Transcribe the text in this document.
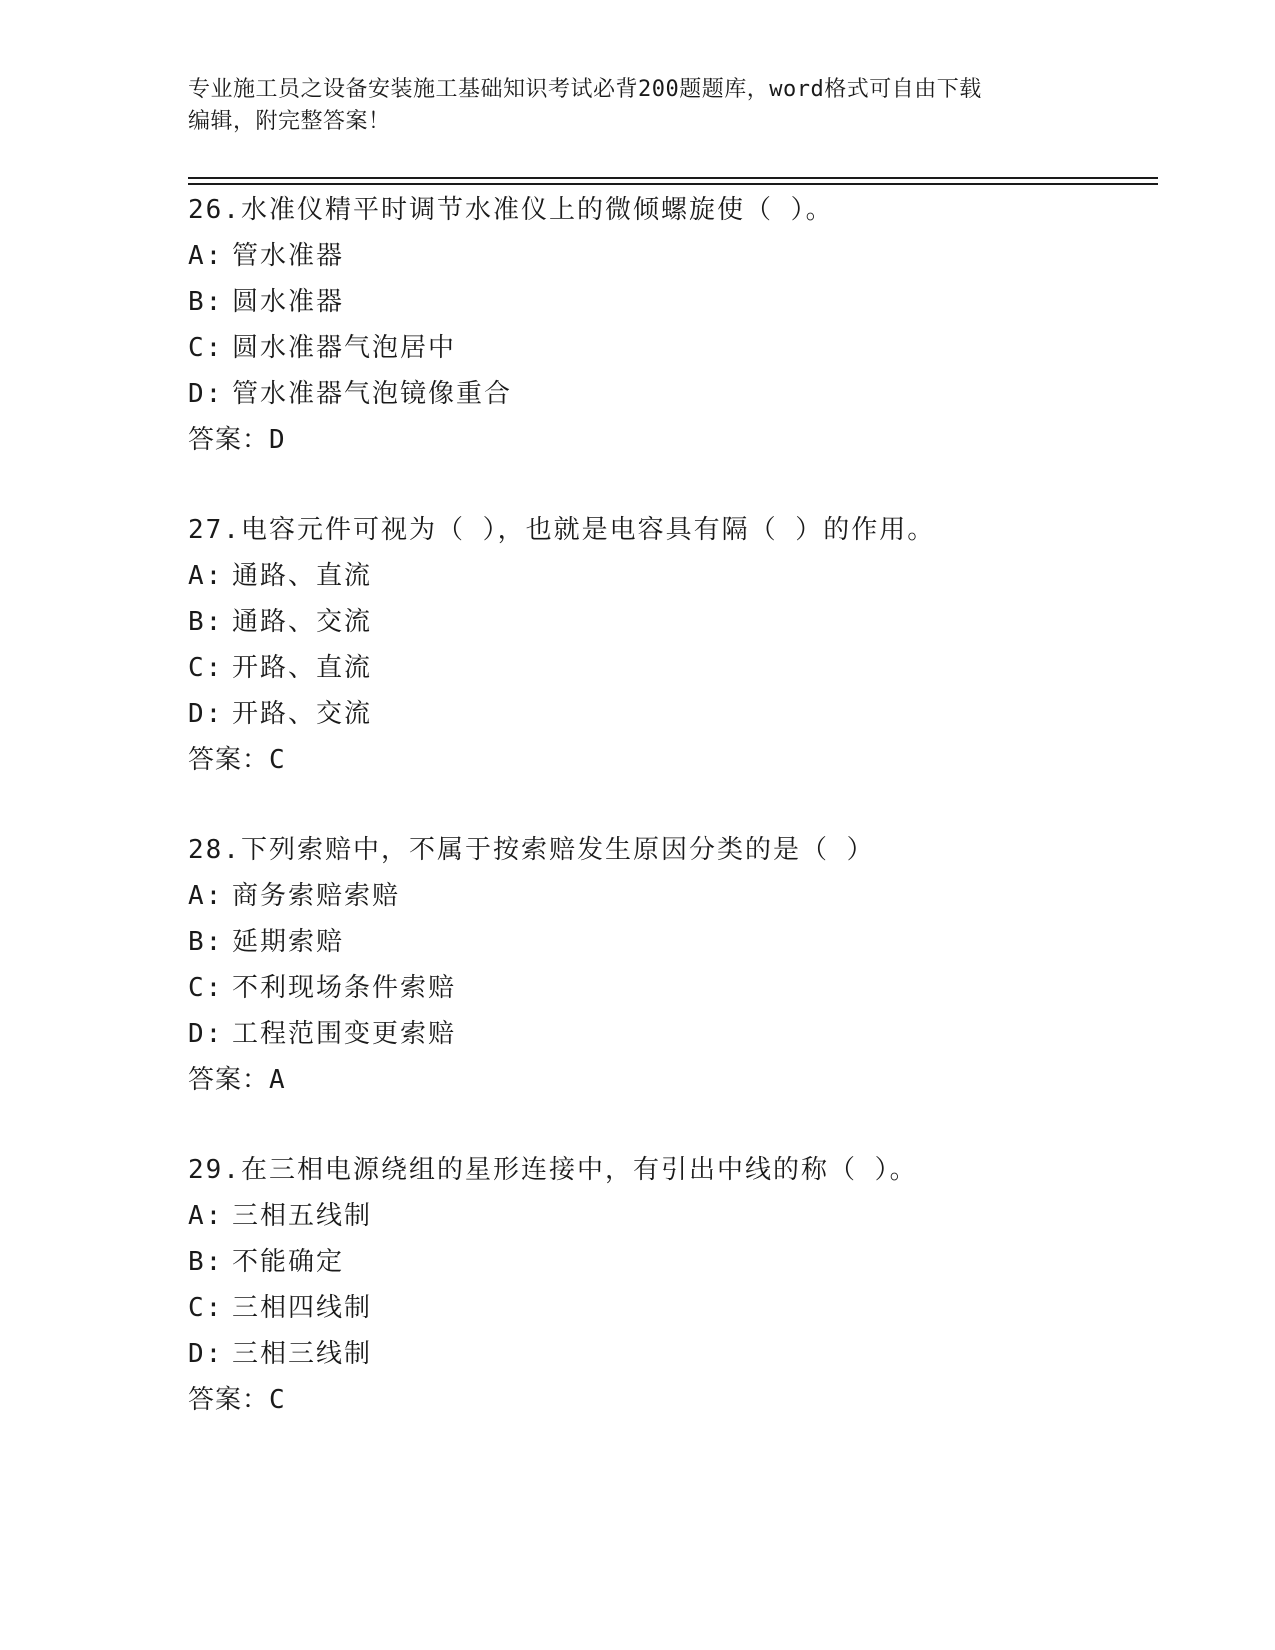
专业施工员之设备安装施工基础知识考试必背200题题库，word格式可自由下载
编辑，附完整答案！
26.水准仪精平时调节水准仪上的微倾螺旋使（ ）。
A: 管水准器
B: 圆水准器
C: 圆水准器气泡居中
D: 管水准器气泡镜像重合
答案：D
27.电容元件可视为（ ），也就是电容具有隔（ ）的作用。
A: 通路、直流
B: 通路、交流
C: 开路、直流
D: 开路、交流
答案：C
28.下列索赔中，不属于按索赔发生原因分类的是（ ）
A: 商务索赔索赔
B: 延期索赔
C: 不利现场条件索赔
D: 工程范围变更索赔
答案：A
29.在三相电源绕组的星形连接中，有引出中线的称（ ）。
A: 三相五线制
B: 不能确定
C: 三相四线制
D: 三相三线制
答案：C
